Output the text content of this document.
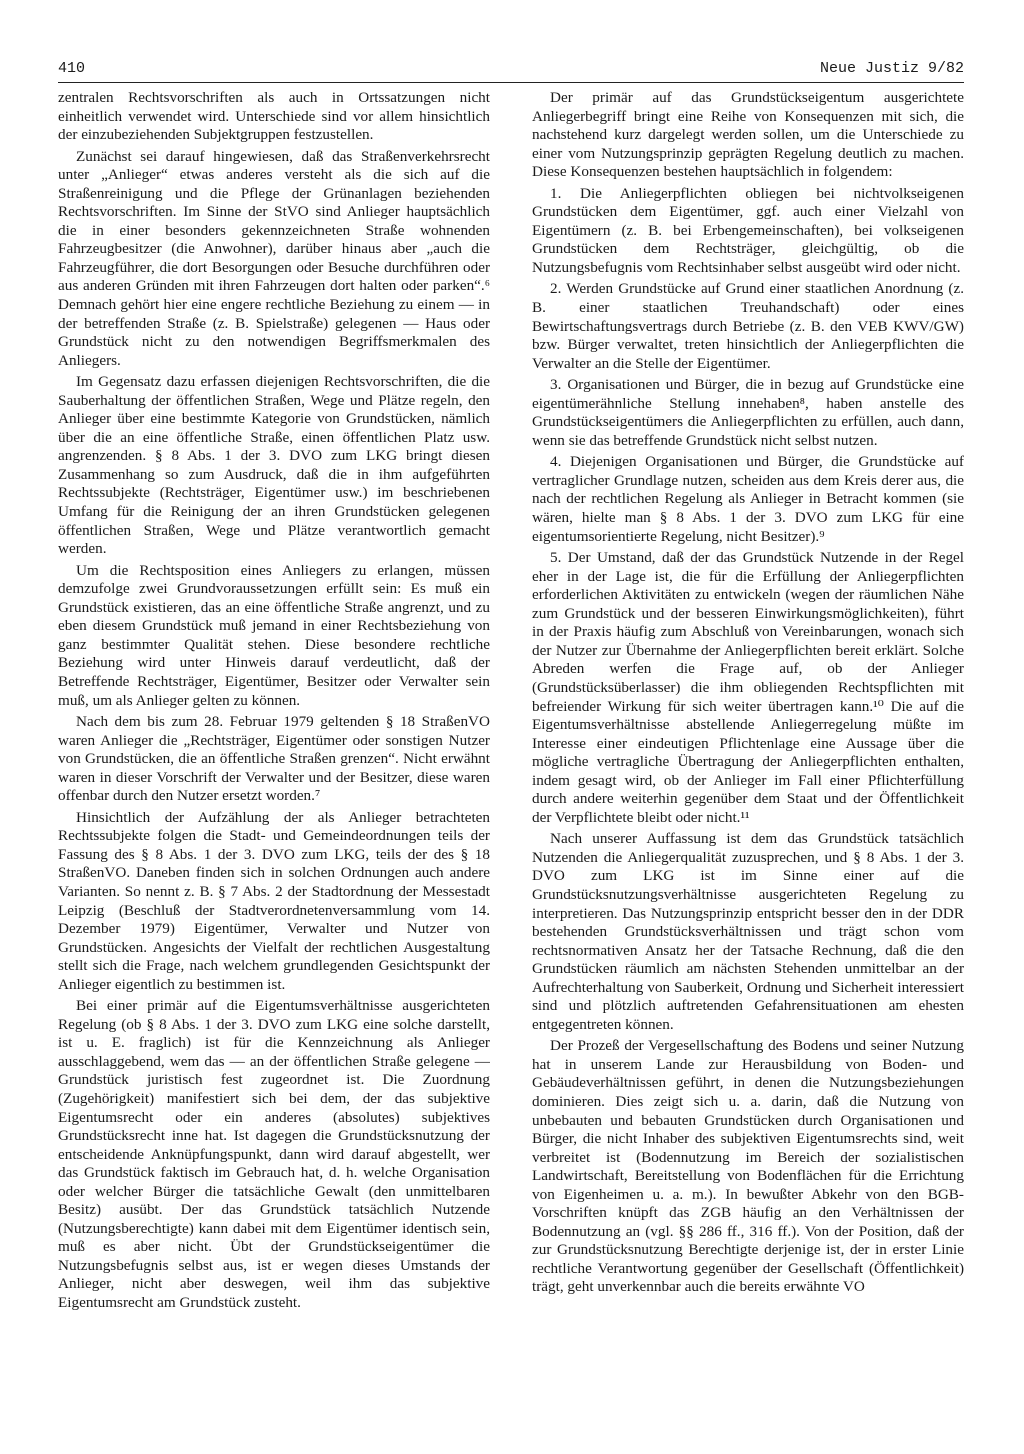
410	Neue Justiz 9/82

zentralen Rechtsvorschriften als auch in Ortssatzungen nicht einheitlich verwendet wird. Unterschiede sind vor allem hinsichtlich der einzubeziehenden Subjektgruppen festzustellen.

Zunächst sei darauf hingewiesen, daß das Straßenverkehrsrecht unter „Anlieger“ etwas anderes versteht als die sich auf die Straßenreinigung und die Pflege der Grünanlagen beziehenden Rechtsvorschriften. Im Sinne der StVO sind Anlieger hauptsächlich die in einer besonders gekennzeichneten Straße wohnenden Fahrzeugbesitzer (die Anwohner), darüber hinaus aber „auch die Fahrzeugführer, die dort Besorgungen oder Besuche durchführen oder aus anderen Gründen mit ihren Fahrzeugen dort halten oder parken“.⁶ Demnach gehört hier eine engere rechtliche Beziehung zu einem — in der betreffenden Straße (z. B. Spielstraße) gelegenen — Haus oder Grundstück nicht zu den notwendigen Begriffsmerkmalen des Anliegers.

Im Gegensatz dazu erfassen diejenigen Rechtsvorschriften, die die Sauberhaltung der öffentlichen Straßen, Wege und Plätze regeln, den Anlieger über eine bestimmte Kategorie von Grundstücken, nämlich über die an eine öffentliche Straße, einen öffentlichen Platz usw. angrenzenden. § 8 Abs. 1 der 3. DVO zum LKG bringt diesen Zusammenhang so zum Ausdruck, daß die in ihm aufgeführten Rechtssubjekte (Rechtsträger, Eigentümer usw.) im beschriebenen Umfang für die Reinigung der an ihren Grundstücken gelegenen öffentlichen Straßen, Wege und Plätze verantwortlich gemacht werden.

Um die Rechtsposition eines Anliegers zu erlangen, müssen demzufolge zwei Grundvoraussetzungen erfüllt sein: Es muß ein Grundstück existieren, das an eine öffentliche Straße angrenzt, und zu eben diesem Grundstück muß jemand in einer Rechtsbeziehung von ganz bestimmter Qualität stehen. Diese besondere rechtliche Beziehung wird unter Hinweis darauf verdeutlicht, daß der Betreffende Rechtsträger, Eigentümer, Besitzer oder Verwalter sein muß, um als Anlieger gelten zu können.

Nach dem bis zum 28. Februar 1979 geltenden § 18 StraßenVO waren Anlieger die „Rechtsträger, Eigentümer oder sonstigen Nutzer von Grundstücken, die an öffentliche Straßen grenzen“. Nicht erwähnt waren in dieser Vorschrift der Verwalter und der Besitzer, diese waren offenbar durch den Nutzer ersetzt worden.⁷

Hinsichtlich der Aufzählung der als Anlieger betrachteten Rechtssubjekte folgen die Stadt- und Gemeindeordnungen teils der Fassung des § 8 Abs. 1 der 3. DVO zum LKG, teils der des § 18 StraßenVO. Daneben finden sich in solchen Ordnungen auch andere Varianten. So nennt z. B. § 7 Abs. 2 der Stadtordnung der Messestadt Leipzig (Beschluß der Stadtverordnetenversammlung vom 14. Dezember 1979) Eigentümer, Verwalter und Nutzer von Grundstücken. Angesichts der Vielfalt der rechtlichen Ausgestaltung stellt sich die Frage, nach welchem grundlegenden Gesichtspunkt der Anlieger eigentlich zu bestimmen ist.

Bei einer primär auf die Eigentumsverhältnisse ausgerichteten Regelung (ob § 8 Abs. 1 der 3. DVO zum LKG eine solche darstellt, ist u. E. fraglich) ist für die Kennzeichnung als Anlieger ausschlaggebend, wem das — an der öffentlichen Straße gelegene — Grundstück juristisch fest zugeordnet ist. Die Zuordnung (Zugehörigkeit) manifestiert sich bei dem, der das subjektive Eigentumsrecht oder ein anderes (absolutes) subjektives Grundstücksrecht inne hat. Ist dagegen die Grundstücksnutzung der entscheidende Anknüpfungspunkt, dann wird darauf abgestellt, wer das Grundstück faktisch im Gebrauch hat, d. h. welche Organisation oder welcher Bürger die tatsächliche Gewalt (den unmittelbaren Besitz) ausübt. Der das Grundstück tatsächlich Nutzende (Nutzungsberechtigte) kann dabei mit dem Eigentümer identisch sein, muß es aber nicht. Übt der Grundstückseigentümer die Nutzungsbefugnis selbst aus, ist er wegen dieses Umstands der Anlieger, nicht aber deswegen, weil ihm das subjektive Eigentumsrecht am Grundstück zusteht.

Der primär auf das Grundstückseigentum ausgerichtete Anliegerbegriff bringt eine Reihe von Konsequenzen mit sich, die nachstehend kurz dargelegt werden sollen, um die Unterschiede zu einer vom Nutzungsprinzip geprägten Regelung deutlich zu machen. Diese Konsequenzen bestehen hauptsächlich in folgendem:

1. Die Anliegerpflichten obliegen bei nichtvolkseigenen Grundstücken dem Eigentümer, ggf. auch einer Vielzahl von Eigentümern (z. B. bei Erbengemeinschaften), bei volkseigenen Grundstücken dem Rechtsträger, gleichgültig, ob die Nutzungsbefugnis vom Rechtsinhaber selbst ausgeübt wird oder nicht.

2. Werden Grundstücke auf Grund einer staatlichen Anordnung (z. B. einer staatlichen Treuhandschaft) oder eines Bewirtschaftungsvertrags durch Betriebe (z. B. den VEB KWV/GW) bzw. Bürger verwaltet, treten hinsichtlich der Anliegerpflichten die Verwalter an die Stelle der Eigentümer.

3. Organisationen und Bürger, die in bezug auf Grundstücke eine eigentümerähnliche Stellung innehaben⁸, haben anstelle des Grundstückseigentümers die Anliegerpflichten zu erfüllen, auch dann, wenn sie das betreffende Grundstück nicht selbst nutzen.

4. Diejenigen Organisationen und Bürger, die Grundstücke auf vertraglicher Grundlage nutzen, scheiden aus dem Kreis derer aus, die nach der rechtlichen Regelung als Anlieger in Betracht kommen (sie wären, hielte man § 8 Abs. 1 der 3. DVO zum LKG für eine eigentumsorientierte Regelung, nicht Besitzer).⁹

5. Der Umstand, daß der das Grundstück Nutzende in der Regel eher in der Lage ist, die für die Erfüllung der Anliegerpflichten erforderlichen Aktivitäten zu entwickeln (wegen der räumlichen Nähe zum Grundstück und der besseren Einwirkungsmöglichkeiten), führt in der Praxis häufig zum Abschluß von Vereinbarungen, wonach sich der Nutzer zur Übernahme der Anliegerpflichten bereit erklärt. Solche Abreden werfen die Frage auf, ob der Anlieger (Grundstücksüberlasser) die ihm obliegenden Rechtspflichten mit befreiender Wirkung für sich weiter übertragen kann.¹⁰ Die auf die Eigentumsverhältnisse abstellende Anliegerregelung müßte im Interesse einer eindeutigen Pflichtenlage eine Aussage über die mögliche vertragliche Übertragung der Anliegerpflichten enthalten, indem gesagt wird, ob der Anlieger im Fall einer Pflichterfüllung durch andere weiterhin gegenüber dem Staat und der Öffentlichkeit der Verpflichtete bleibt oder nicht.¹¹

Nach unserer Auffassung ist dem das Grundstück tatsächlich Nutzenden die Anliegerqualität zuzusprechen, und § 8 Abs. 1 der 3. DVO zum LKG ist im Sinne einer auf die Grundstücksnutzungsverhältnisse ausgerichteten Regelung zu interpretieren. Das Nutzungsprinzip entspricht besser den in der DDR bestehenden Grundstücksverhältnissen und trägt schon vom rechtsnormativen Ansatz her der Tatsache Rechnung, daß die den Grundstücken räumlich am nächsten Stehenden unmittelbar an der Aufrechterhaltung von Sauberkeit, Ordnung und Sicherheit interessiert sind und plötzlich auftretenden Gefahrensituationen am ehesten entgegentreten können.

Der Prozeß der Vergesellschaftung des Bodens und seiner Nutzung hat in unserem Lande zur Herausbildung von Boden- und Gebäudeverhältnissen geführt, in denen die Nutzungsbeziehungen dominieren. Dies zeigt sich u. a. darin, daß die Nutzung von unbebauten und bebauten Grundstücken durch Organisationen und Bürger, die nicht Inhaber des subjektiven Eigentumsrechts sind, weit verbreitet ist (Bodennutzung im Bereich der sozialistischen Landwirtschaft, Bereitstellung von Bodenflächen für die Errichtung von Eigenheimen u. a. m.). In bewußter Abkehr von den BGB-Vorschriften knüpft das ZGB häufig an den Verhältnissen der Bodennutzung an (vgl. §§ 286 ff., 316 ff.). Von der Position, daß der zur Grundstücksnutzung Berechtigte derjenige ist, der in erster Linie rechtliche Verantwortung gegenüber der Gesellschaft (Öffentlichkeit) trägt, geht unverkennbar auch die bereits erwähnte VO
